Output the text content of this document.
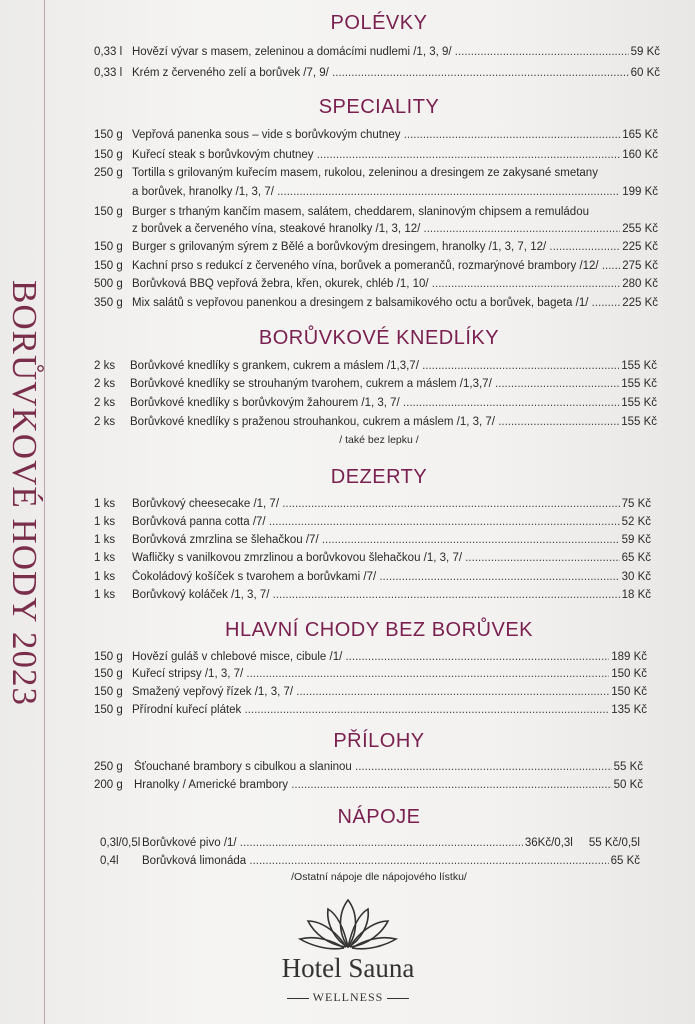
BORŮVKOVÉ HODY 2023
POLÉVKY
0,33 l Hovězí vývar s masem, zeleninou a domácími nudlemi /1, 3, 9/ .....	59 Kč
0,33 l Krém z červeného zelí a borůvek /7, 9/ .....	60 Kč
SPECIALITY
150 g Vepřová panenka sous – vide s borůvkovým chutney .....	165 Kč
150 g Kuřecí steak s borůvkovým chutney .....	160 Kč
250 g Tortilla s grilovaným kuřecím masem, rukolou, zeleninou a dresingem ze zakysané smetany
a borůvek, hranolky /1, 3, 7/ .....	199 Kč
150 g Burger s trhaným kančím masem, salátem, cheddarem, slaninovým chipsem a remuládou
z borůvek a červeného vína, steakové hranolky /1, 3, 12/ .....	255 Kč
150 g Burger s grilovaným sýrem z Bělé a borůvkovým dresingem, hranolky /1, 3, 7, 12/ .....	225 Kč
150 g Kachní prso s redukcí z červeného vína, borůvek a pomerančů, rozmarýnové brambory /12/ .....	275 Kč
500 g Borůvková BBQ vepřová žebra, křen, okurek, chléb /1, 10/ .....	280 Kč
350 g Mix salátů s vepřovou panenkou a dresingem z balsamikového octu a borůvek, bageta /1/ .....	225 Kč
BORŮVKOVÉ KNEDLÍKY
2 ks	Borůvkové knedlíky s grankem, cukrem a máslem /1,3,7/ .....	155 Kč
2 ks	Borůvkové knedlíky se strouhaným tvarohem, cukrem a máslem /1,3,7/ .....	155 Kč
2 ks	Borůvkové knedlíky s borůvkovým žahourem /1, 3, 7/ .....	155 Kč
2 ks	Borůvkové knedlíky s praženou strouhankou, cukrem a máslem /1, 3, 7/ .....	155 Kč
/ také bez lepku /
DEZERTY
1 ks	Borůvkový cheesecake /1, 7/ .....	75 Kč
1 ks	Borůvková panna cotta /7/ .....	52 Kč
1 ks	Borůvková zmrzlina se šlehačkou /7/ .....	59 Kč
1 ks	Wafličky s vanilkovou zmrzlinou a borůvkovou šlehačkou /1, 3, 7/ .....	65 Kč
1 ks	Čokoládový košíček s tvarohem a borůvkami /7/ .....	30 Kč
1 ks	Borůvkový koláček /1, 3, 7/ .....	18 Kč
HLAVNÍ CHODY BEZ BORŮVEK
150 g Hovězí guláš v chlebové misce, cibule /1/ .....	189 Kč
150 g Kuřecí stripsy /1, 3, 7/ .....	150 Kč
150 g Smažený vepřový řízek /1, 3, 7/ .....	150 Kč
150 g Přírodní kuřecí plátek .....	135 Kč
PŘÍLOHY
250 g Šťouchané brambory s cibulkou a slaninou .....	55 Kč
200 g Hranolky / Americké brambory .....	50 Kč
NÁPOJE
0,3l/0,5l Borůvkové pivo /1/ .....	36Kč/0,3l	55 Kč/0,5l
0,4l	Borůvková limonáda .....	65 Kč
/Ostatní nápoje dle nápojového lístku/
Hotel Sauna
WELLNESS
